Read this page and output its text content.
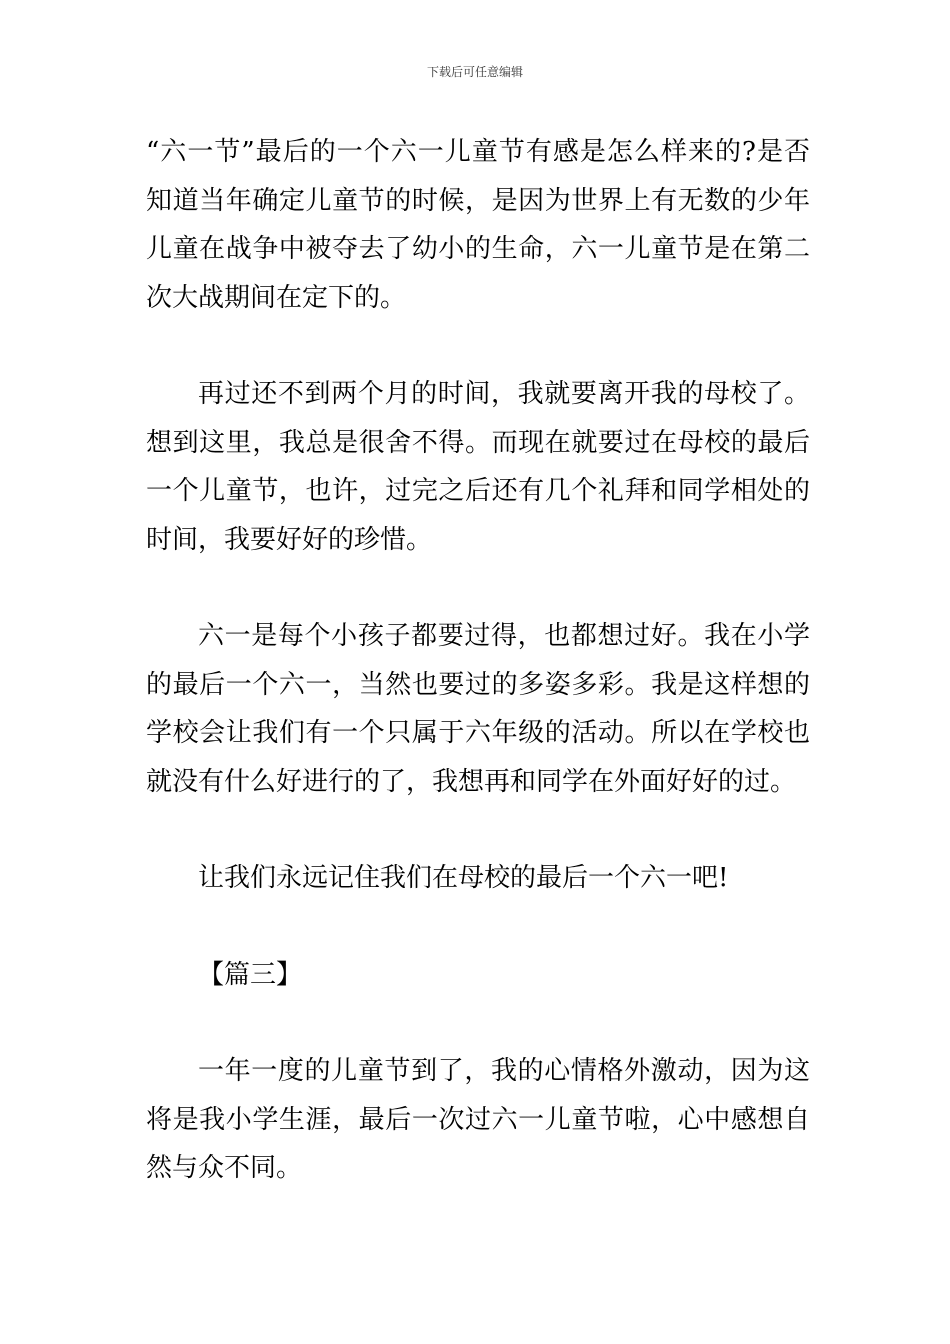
下载后可任意编辑

“六一节”最后的一个六一儿童节有感是怎么样来的?是否知道当年确定儿童节的时候，是因为世界上有无数的少年儿童在战争中被夺去了幼小的生命，六一儿童节是在第二次大战期间在定下的。

再过还不到两个月的时间，我就要离开我的母校了。想到这里，我总是很舍不得。而现在就要过在母校的最后一个儿童节，也许，过完之后还有几个礼拜和同学相处的时间，我要好好的珍惜。

六一是每个小孩子都要过得，也都想过好。我在小学的最后一个六一，当然也要过的多姿多彩。我是这样想的学校会让我们有一个只属于六年级的活动。所以在学校也就没有什么好进行的了，我想再和同学在外面好好的过。

让我们永远记住我们在母校的最后一个六一吧!

【篇三】

一年一度的儿童节到了，我的心情格外激动，因为这将是我小学生涯，最后一次过六一儿童节啦，心中感想自然与众不同。
